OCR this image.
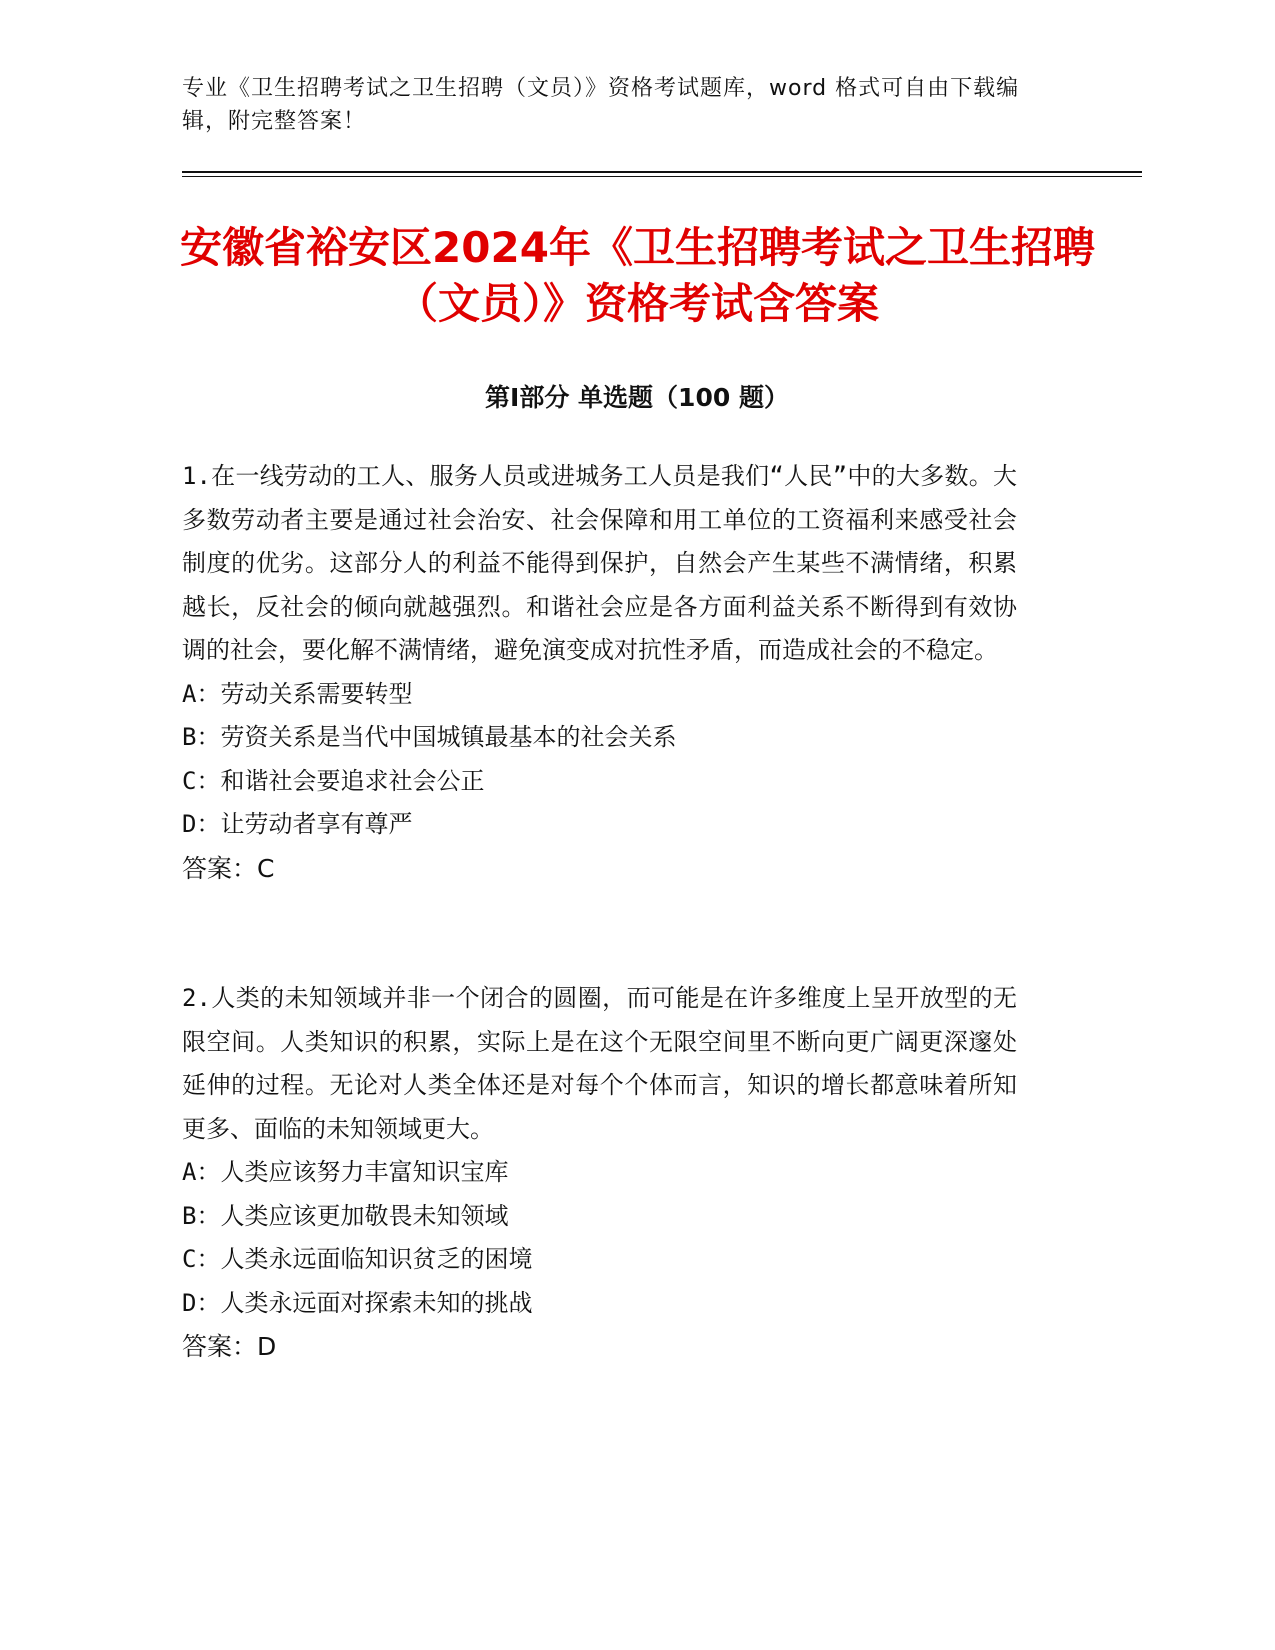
专业《卫生招聘考试之卫生招聘（文员）》资格考试题库，word 格式可自由下载编辑，附完整答案！
安徽省裕安区2024年《卫生招聘考试之卫生招聘（文员）》资格考试含答案
第Ⅰ部分 单选题（100 题）

1.在一线劳动的工人、服务人员或进城务工人员是我们“人民”中的大多数。大多数劳动者主要是通过社会治安、社会保障和用工单位的工资福利来感受社会制度的优劣。这部分人的利益不能得到保护，自然会产生某些不满情绪，积累越长，反社会的倾向就越强烈。和谐社会应是各方面利益关系不断得到有效协调的社会，要化解不满情绪，避免演变成对抗性矛盾，而造成社会的不稳定。

A：劳动关系需要转型

B：劳资关系是当代中国城镇最基本的社会关系

C：和谐社会要追求社会公正

D：让劳动者享有尊严

答案：C

2.人类的未知领域并非一个闭合的圆圈，而可能是在许多维度上呈开放型的无限空间。人类知识的积累，实际上是在这个无限空间里不断向更广阔更深邃处延伸的过程。无论对人类全体还是对每个个体而言，知识的增长都意味着所知更多、面临的未知领域更大。

A：人类应该努力丰富知识宝库

B：人类应该更加敬畏未知领域

C：人类永远面临知识贫乏的困境

D：人类永远面对探索未知的挑战

答案：D
